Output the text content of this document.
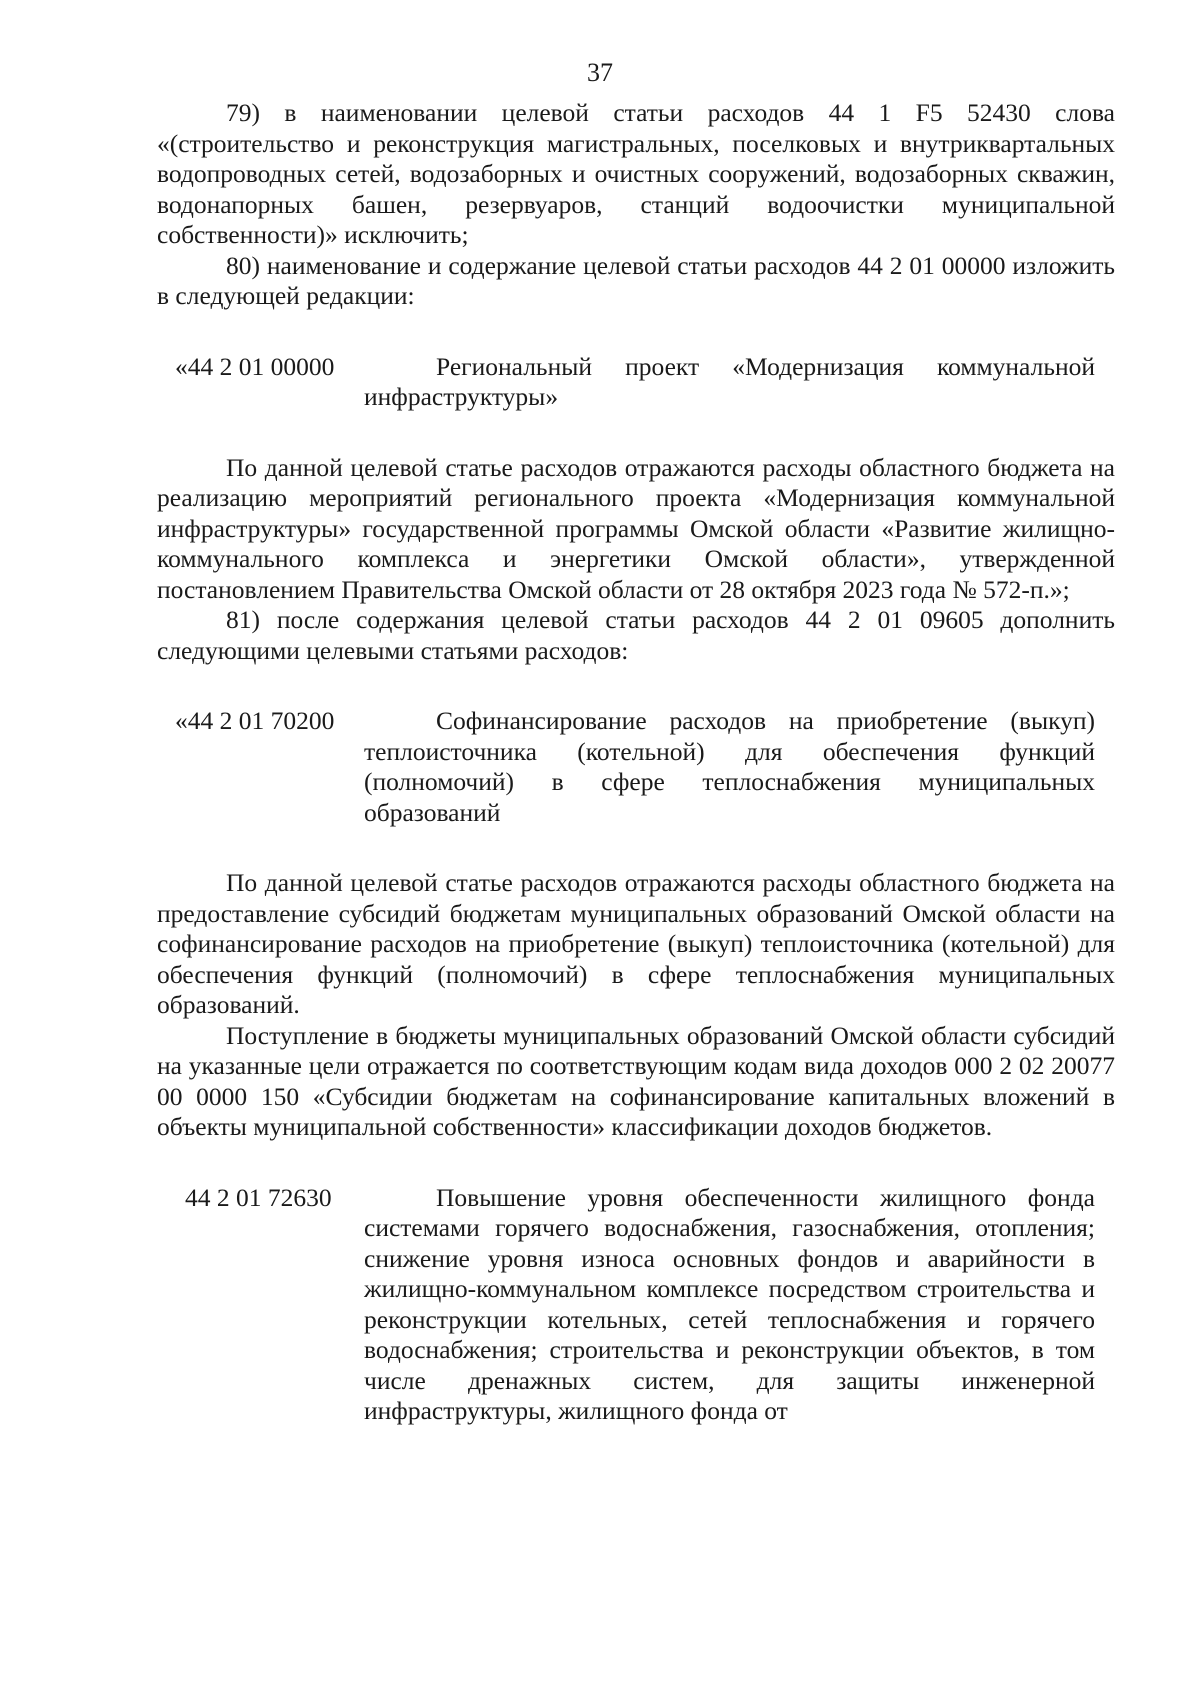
37

79) в наименовании целевой статьи расходов 44 1 F5 52430 слова «(строительство и реконструкция магистральных, поселковых и внутриквартальных водопроводных сетей, водозаборных и очистных сооружений, водозаборных скважин, водонапорных башен, резервуаров, станций водоочистки муниципальной собственности)» исключить;

80) наименование и содержание целевой статьи расходов 44 2 01 00000 изложить в следующей редакции:

«44 2 01 00000	Региональный проект «Модернизация коммунальной инфраструктуры»

По данной целевой статье расходов отражаются расходы областного бюджета на реализацию мероприятий регионального проекта «Модернизация коммунальной инфраструктуры» государственной программы Омской области «Развитие жилищно-коммунального комплекса и энергетики Омской области», утвержденной постановлением Правительства Омской области от 28 октября 2023 года № 572-п.»;

81) после содержания целевой статьи расходов 44 2 01 09605 дополнить следующими целевыми статьями расходов:

«44 2 01 70200	Софинансирование расходов на приобретение (выкуп) теплоисточника (котельной) для обеспечения функций (полномочий) в сфере теплоснабжения муниципальных образований

По данной целевой статье расходов отражаются расходы областного бюджета на предоставление субсидий бюджетам муниципальных образований Омской области на софинансирование расходов на приобретение (выкуп) теплоисточника (котельной) для обеспечения функций (полномочий) в сфере теплоснабжения муниципальных образований.

Поступление в бюджеты муниципальных образований Омской области субсидий на указанные цели отражается по соответствующим кодам вида доходов 000 2 02 20077 00 0000 150 «Субсидии бюджетам на софинансирование капитальных вложений в объекты муниципальной собственности» классификации доходов бюджетов.

44 2 01 72630	Повышение уровня обеспеченности жилищного фонда системами горячего водоснабжения, газоснабжения, отопления; снижение уровня износа основных фондов и аварийности в жилищно-коммунальном комплексе посредством строительства и реконструкции котельных, сетей теплоснабжения и горячего водоснабжения; строительства и реконструкции объектов, в том числе дренажных систем, для защиты инженерной инфраструктуры, жилищного фонда от
